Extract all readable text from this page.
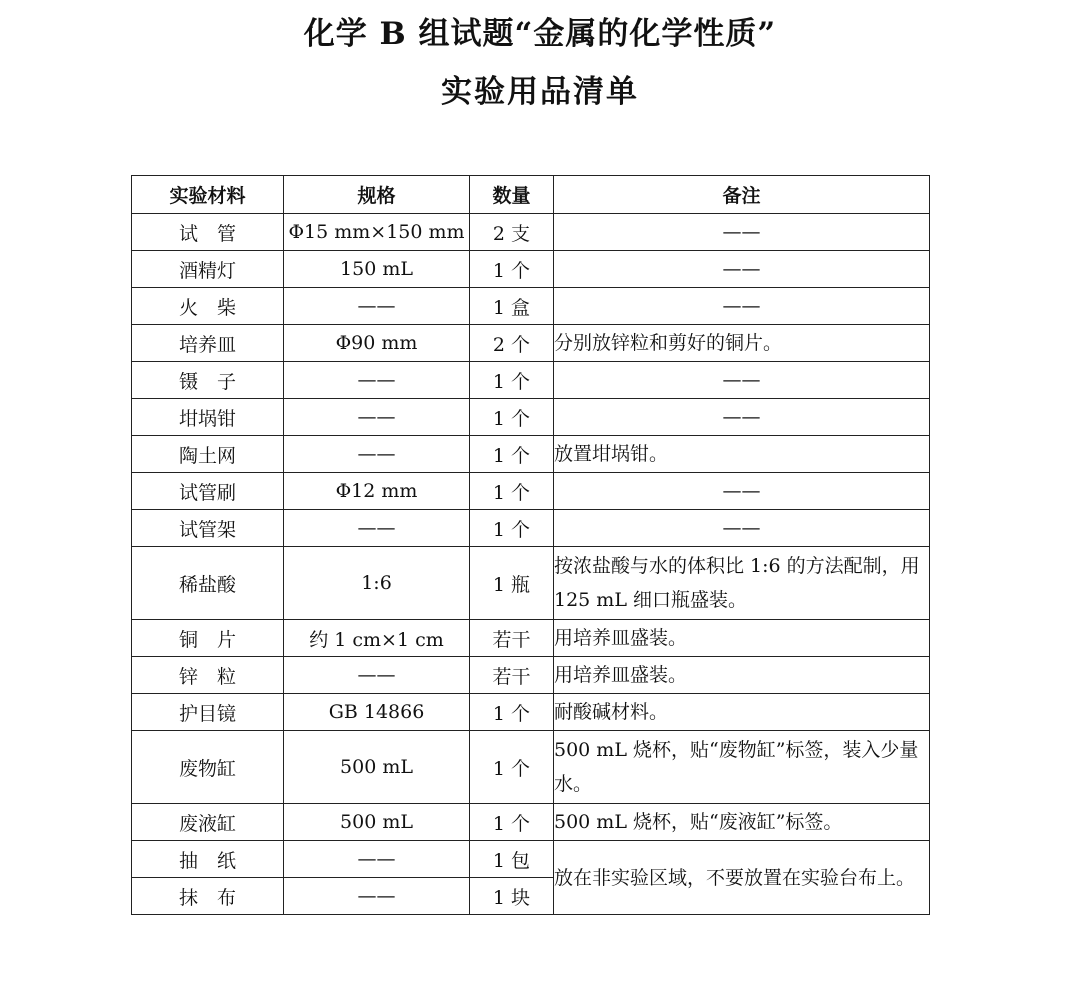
化学 B 组试题“金属的化学性质”
实验用品清单
实验材料	规格	数量	备注
试　管	Φ15 mm×150 mm	2 支	——
酒精灯	150 mL	1 个	——
火　柴	——	1 盒	——
培养皿	Φ90 mm	2 个	分别放锌粒和剪好的铜片。
镊　子	——	1 个	——
坩埚钳	——	1 个	——
陶土网	——	1 个	放置坩埚钳。
试管刷	Φ12 mm	1 个	——
试管架	——	1 个	——
稀盐酸	1:6	1 瓶	按浓盐酸与水的体积比 1:6 的方法配制，用 125 mL 细口瓶盛装。
铜　片	约 1 cm×1 cm	若干	用培养皿盛装。
锌　粒	——	若干	用培养皿盛装。
护目镜	GB 14866	1 个	耐酸碱材料。
废物缸	500 mL	1 个	500 mL 烧杯，贴“废物缸”标签，装入少量水。
废液缸	500 mL	1 个	500 mL 烧杯，贴“废液缸”标签。
抽　纸	——	1 包	放在非实验区域，不要放置在实验台布上。
抹　布	——	1 块	
